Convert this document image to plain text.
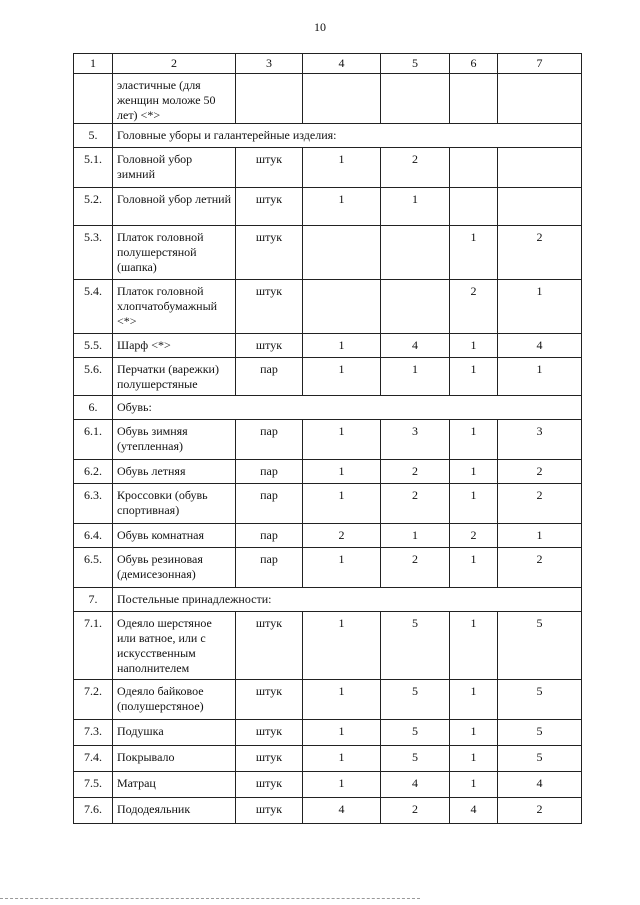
10
1	2	3	4	5	6	7
	эластичные (для женщин моложе 50 лет) <*>					
5.	Головные уборы и галантерейные изделия:					
5.1.	Головной убор зимний	штук	1	2		
5.2.	Головной убор летний	штук	1	1		
5.3.	Платок головной полушерстяной (шапка)	штук			1	2
5.4.	Платок головной хлопчатобумажный <*>	штук			2	1
5.5.	Шарф <*>	штук	1	4	1	4
5.6.	Перчатки (варежки) полушерстяные	пар	1	1	1	1
6.	Обувь:					
6.1.	Обувь зимняя (утепленная)	пар	1	3	1	3
6.2.	Обувь летняя	пар	1	2	1	2
6.3.	Кроссовки (обувь спортивная)	пар	1	2	1	2
6.4.	Обувь комнатная	пар	2	1	2	1
6.5.	Обувь резиновая (демисезонная)	пар	1	2	1	2
7.	Постельные принадлежности:					
7.1.	Одеяло шерстяное или ватное, или с искусственным наполнителем	штук	1	5	1	5
7.2.	Одеяло байковое (полушерстяное)	штук	1	5	1	5
7.3.	Подушка	штук	1	5	1	5
7.4.	Покрывало	штук	1	5	1	5
7.5.	Матрац	штук	1	4	1	4
7.6.	Пододеяльник	штук	4	2	4	2
